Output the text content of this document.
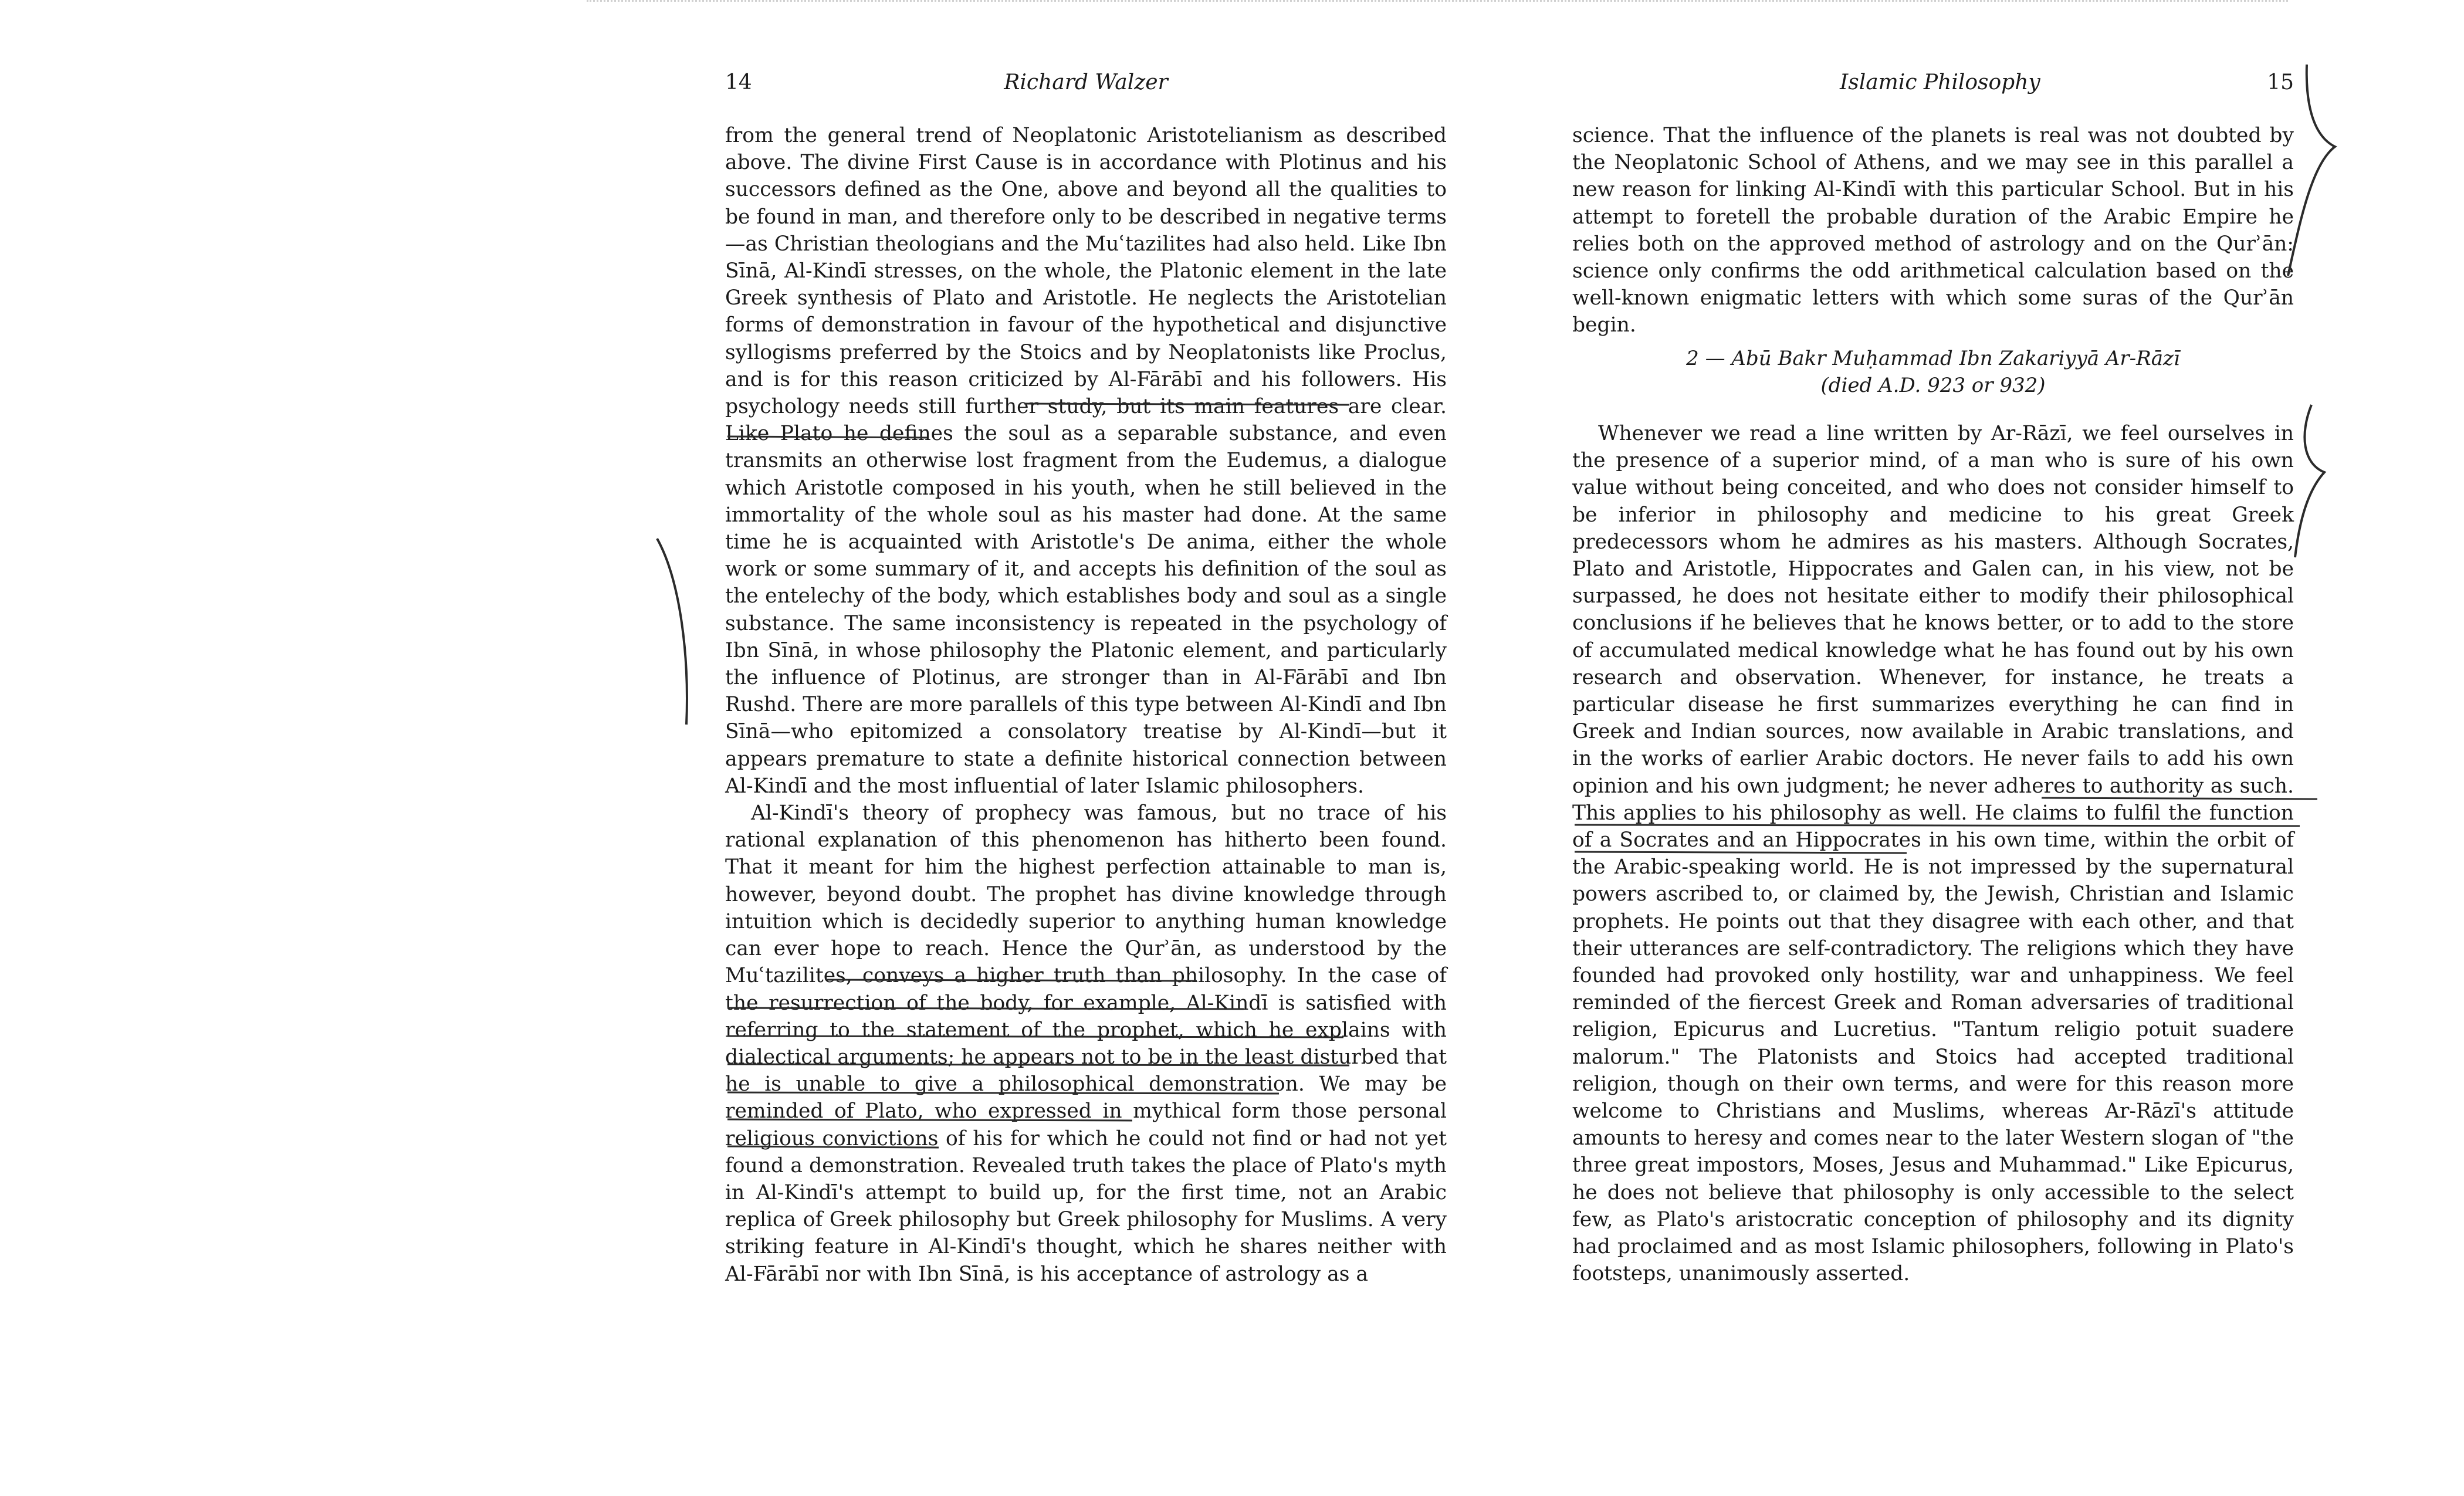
14	Richard Walzer

from the general trend of Neoplatonic Aristotelianism as described above. The divine First Cause is in accordance with Plotinus and his successors defined as the One, above and beyond all the qualities to be found in man, and therefore only to be described in negative terms—as Christian theologians and the Muʿtazilites had also held. Like Ibn Sīnā, Al-Kindī stresses, on the whole, the Platonic element in the late Greek synthesis of Plato and Aristotle. He neglects the Aristotelian forms of demonstration in favour of the hypothetical and disjunctive syllogisms preferred by the Stoics and by Neoplatonists like Proclus, and is for this reason criticized by Al-Fārābī and his followers. His psychology needs still further study, but its main features are clear. Like Plato he defines the soul as a separable substance, and even transmits an otherwise lost fragment from the Eudemus, a dialogue which Aristotle composed in his youth, when he still believed in the immortality of the whole soul as his master had done. At the same time he is acquainted with Aristotle's De anima, either the whole work or some summary of it, and accepts his definition of the soul as the entelechy of the body, which establishes body and soul as a single substance. The same inconsistency is repeated in the psychology of Ibn Sīnā, in whose philosophy the Platonic element, and particularly the influence of Plotinus, are stronger than in Al-Fārābī and Ibn Rushd. There are more parallels of this type between Al-Kindī and Ibn Sīnā—who epitomized a consolatory treatise by Al-Kindī—but it appears premature to state a definite historical connection between Al-Kindī and the most influential of later Islamic philosophers.

Al-Kindī's theory of prophecy was famous, but no trace of his rational explanation of this phenomenon has hitherto been found. That it meant for him the highest perfection attainable to man is, however, beyond doubt. The prophet has divine knowledge through intuition which is decidedly superior to anything human knowledge can ever hope to reach. Hence the Qurʾān, as understood by the Muʿtazilites, conveys a higher truth than philosophy. In the case of the resurrection of the body, for example, Al-Kindī is satisfied with referring to the statement of the prophet, which he explains with dialectical arguments; he appears not to be in the least disturbed that he is unable to give a philosophical demonstration. We may be reminded of Plato, who expressed in mythical form those personal religious convictions of his for which he could not find or had not yet found a demonstration. Revealed truth takes the place of Plato's myth in Al-Kindī's attempt to build up, for the first time, not an Arabic replica of Greek philosophy but Greek philosophy for Muslims. A very striking feature in Al-Kindī's thought, which he shares neither with Al-Fārābī nor with Ibn Sīnā, is his acceptance of astrology as a

Islamic Philosophy	15

science. That the influence of the planets is real was not doubted by the Neoplatonic School of Athens, and we may see in this parallel a new reason for linking Al-Kindī with this particular School. But in his attempt to foretell the probable duration of the Arabic Empire he relies both on the approved method of astrology and on the Qurʾān: science only confirms the odd arithmetical calculation based on the well-known enigmatic letters with which some suras of the Qurʾān begin.

2 — Abū Bakr Muḥammad Ibn Zakariyyā Ar-Rāzī
(died A.D. 923 or 932)

Whenever we read a line written by Ar-Rāzī, we feel ourselves in the presence of a superior mind, of a man who is sure of his own value without being conceited, and who does not consider himself to be inferior in philosophy and medicine to his great Greek predecessors whom he admires as his masters. Although Socrates, Plato and Aristotle, Hippocrates and Galen can, in his view, not be surpassed, he does not hesitate either to modify their philosophical conclusions if he believes that he knows better, or to add to the store of accumulated medical knowledge what he has found out by his own research and observation. Whenever, for instance, he treats a particular disease he first summarizes everything he can find in Greek and Indian sources, now available in Arabic translations, and in the works of earlier Arabic doctors. He never fails to add his own opinion and his own judgment; he never adheres to authority as such. This applies to his philosophy as well. He claims to fulfil the function of a Socrates and an Hippocrates in his own time, within the orbit of the Arabic-speaking world. He is not impressed by the supernatural powers ascribed to, or claimed by, the Jewish, Christian and Islamic prophets. He points out that they disagree with each other, and that their utterances are self-contradictory. The religions which they have founded had provoked only hostility, war and unhappiness. We feel reminded of the fiercest Greek and Roman adversaries of traditional religion, Epicurus and Lucretius. "Tantum religio potuit suadere malorum." The Platonists and Stoics had accepted traditional religion, though on their own terms, and were for this reason more welcome to Christians and Muslims, whereas Ar-Rāzī's attitude amounts to heresy and comes near to the later Western slogan of "the three great impostors, Moses, Jesus and Muhammad." Like Epicurus, he does not believe that philosophy is only accessible to the select few, as Plato's aristocratic conception of philosophy and its dignity had proclaimed and as most Islamic philosophers, following in Plato's footsteps, unanimously asserted.
